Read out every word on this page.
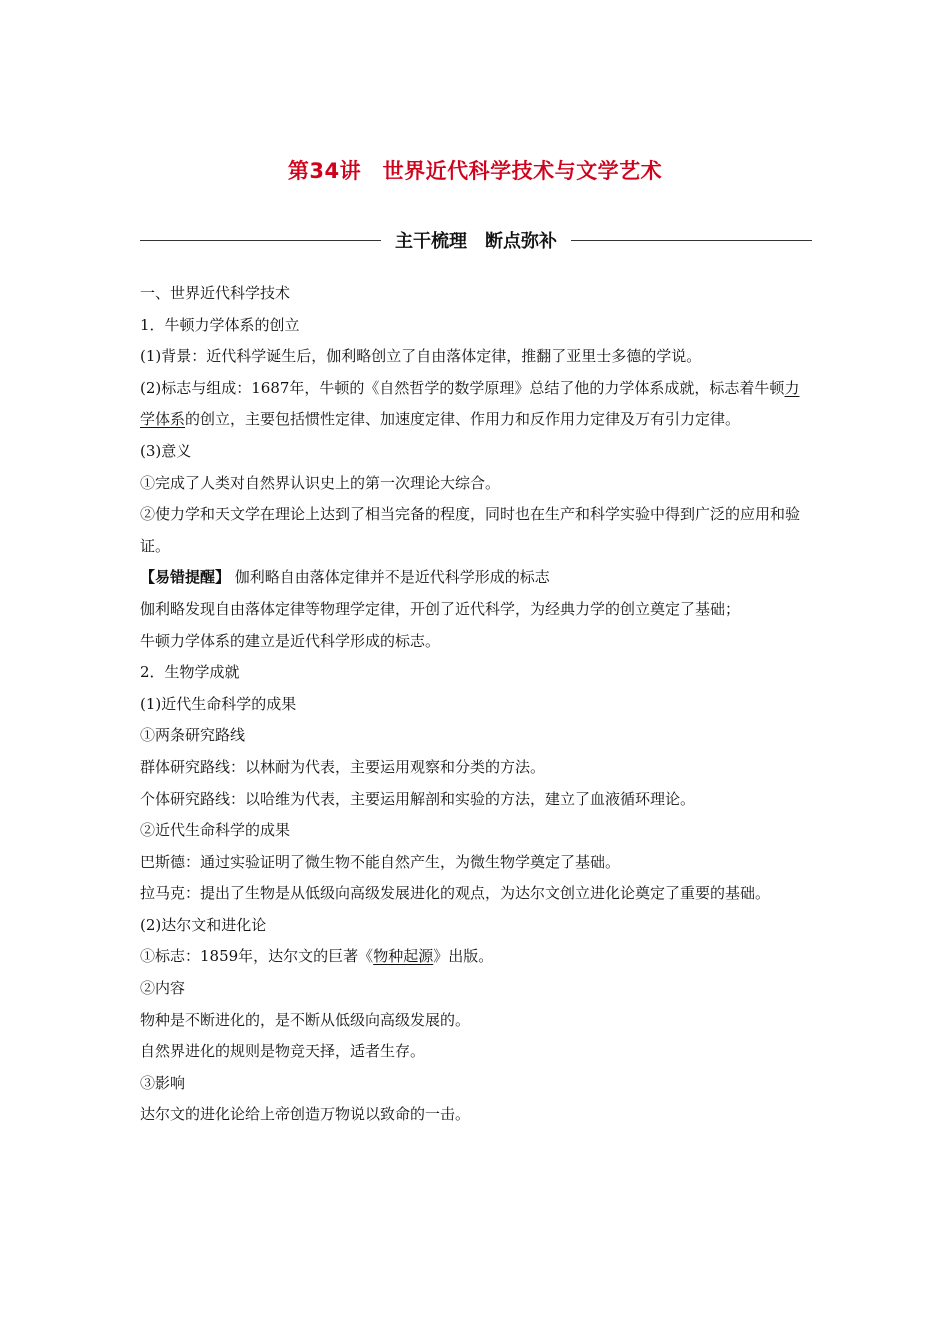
第34讲　世界近代科学技术与文学艺术
主干梳理　断点弥补

一、世界近代科学技术

1．牛顿力学体系的创立

(1)背景：近代科学诞生后，伽利略创立了自由落体定律，推翻了亚里士多德的学说。

(2)标志与组成：1687年，牛顿的《自然哲学的数学原理》总结了他的力学体系成就，标志着牛顿力学体系的创立，主要包括惯性定律、加速度定律、作用力和反作用力定律及万有引力定律。

(3)意义

①完成了人类对自然界认识史上的第一次理论大综合。

②使力学和天文学在理论上达到了相当完备的程度，同时也在生产和科学实验中得到广泛的应用和验证。

【易错提醒】 伽利略自由落体定律并不是近代科学形成的标志

伽利略发现自由落体定律等物理学定律，开创了近代科学，为经典力学的创立奠定了基础；

牛顿力学体系的建立是近代科学形成的标志。

2．生物学成就

(1)近代生命科学的成果

①两条研究路线

群体研究路线：以林耐为代表，主要运用观察和分类的方法。

个体研究路线：以哈维为代表，主要运用解剖和实验的方法，建立了血液循环理论。

②近代生命科学的成果

巴斯德：通过实验证明了微生物不能自然产生，为微生物学奠定了基础。

拉马克：提出了生物是从低级向高级发展进化的观点，为达尔文创立进化论奠定了重要的基础。

(2)达尔文和进化论

①标志：1859年，达尔文的巨著《物种起源》出版。

②内容

物种是不断进化的，是不断从低级向高级发展的。

自然界进化的规则是物竞天择，适者生存。

③影响

达尔文的进化论给上帝创造万物说以致命的一击。
